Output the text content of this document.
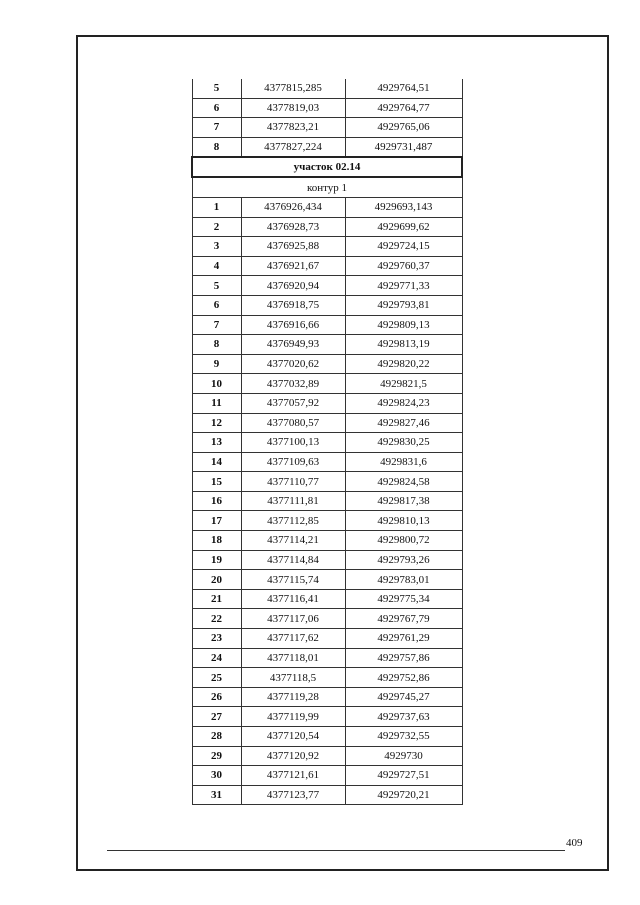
5	4377815,285	4929764,51
6	4377819,03	4929764,77
7	4377823,21	4929765,06
8	4377827,224	4929731,487
участок 02.14		
контур 1		
1	4376926,434	4929693,143
2	4376928,73	4929699,62
3	4376925,88	4929724,15
4	4376921,67	4929760,37
5	4376920,94	4929771,33
6	4376918,75	4929793,81
7	4376916,66	4929809,13
8	4376949,93	4929813,19
9	4377020,62	4929820,22
10	4377032,89	4929821,5
11	4377057,92	4929824,23
12	4377080,57	4929827,46
13	4377100,13	4929830,25
14	4377109,63	4929831,6
15	4377110,77	4929824,58
16	4377111,81	4929817,38
17	4377112,85	4929810,13
18	4377114,21	4929800,72
19	4377114,84	4929793,26
20	4377115,74	4929783,01
21	4377116,41	4929775,34
22	4377117,06	4929767,79
23	4377117,62	4929761,29
24	4377118,01	4929757,86
25	4377118,5	4929752,86
26	4377119,28	4929745,27
27	4377119,99	4929737,63
28	4377120,54	4929732,55
29	4377120,92	4929730
30	4377121,61	4929727,51
31	4377123,77	4929720,21
409
